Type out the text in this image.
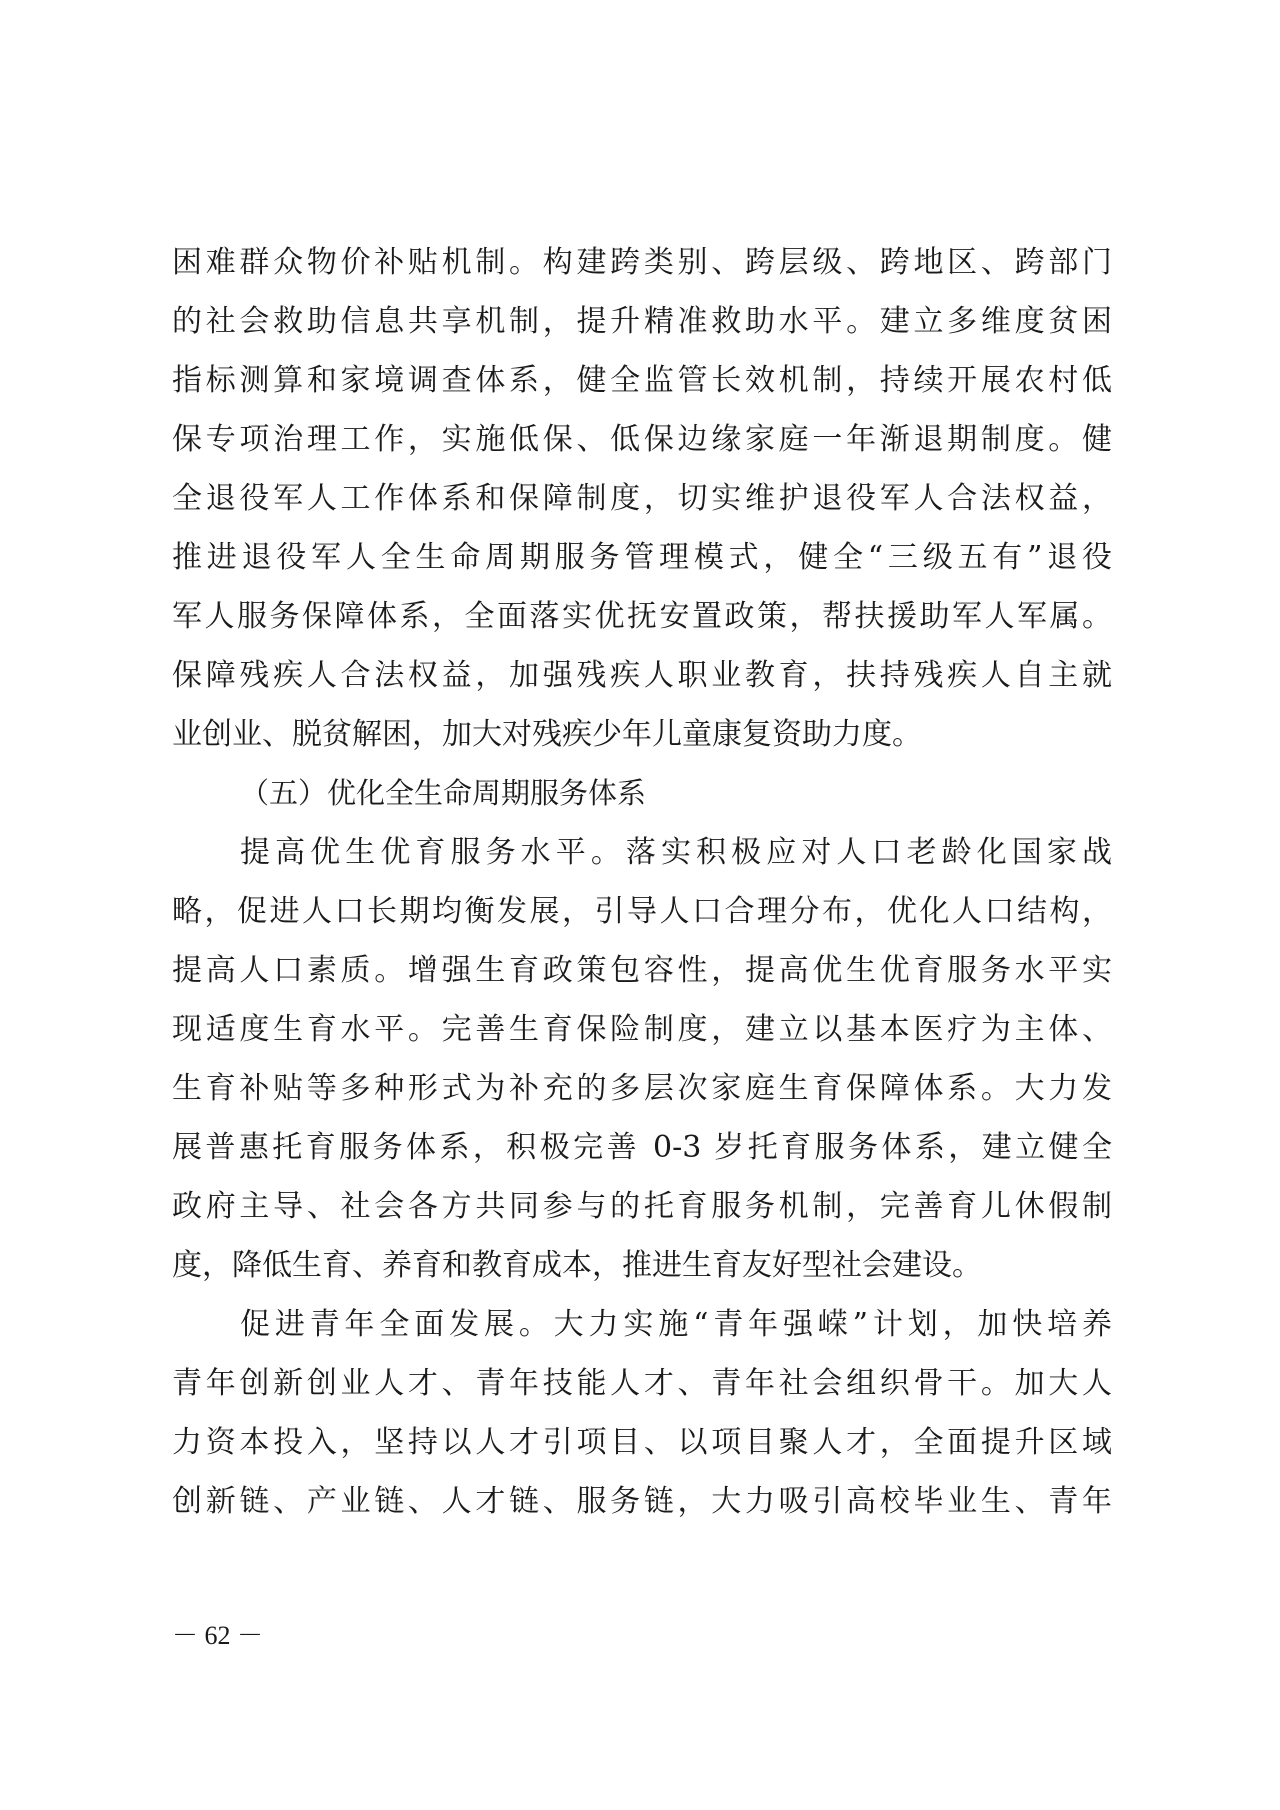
困难群众物价补贴机制。构建跨类别、跨层级、跨地区、跨部门
的社会救助信息共享机制，提升精准救助水平。建立多维度贫困
指标测算和家境调查体系，健全监管长效机制，持续开展农村低
保专项治理工作，实施低保、低保边缘家庭一年渐退期制度。健
全退役军人工作体系和保障制度，切实维护退役军人合法权益，
推进退役军人全生命周期服务管理模式，健全“三级五有”退役
军人服务保障体系，全面落实优抚安置政策，帮扶援助军人军属。
保障残疾人合法权益，加强残疾人职业教育，扶持残疾人自主就
业创业、脱贫解困，加大对残疾少年儿童康复资助力度。
（五）优化全生命周期服务体系
提高优生优育服务水平。落实积极应对人口老龄化国家战
略，促进人口长期均衡发展，引导人口合理分布，优化人口结构，
提高人口素质。增强生育政策包容性，提高优生优育服务水平实
现适度生育水平。完善生育保险制度，建立以基本医疗为主体、
生育补贴等多种形式为补充的多层次家庭生育保障体系。大力发
展普惠托育服务体系，积极完善 0-3 岁托育服务体系，建立健全
政府主导、社会各方共同参与的托育服务机制，完善育儿休假制
度，降低生育、养育和教育成本，推进生育友好型社会建设。
促进青年全面发展。大力实施“青年强嵘”计划，加快培养
青年创新创业人才、青年技能人才、青年社会组织骨干。加大人
力资本投入，坚持以人才引项目、以项目聚人才，全面提升区域
创新链、产业链、人才链、服务链，大力吸引高校毕业生、青年
－ 62 －
